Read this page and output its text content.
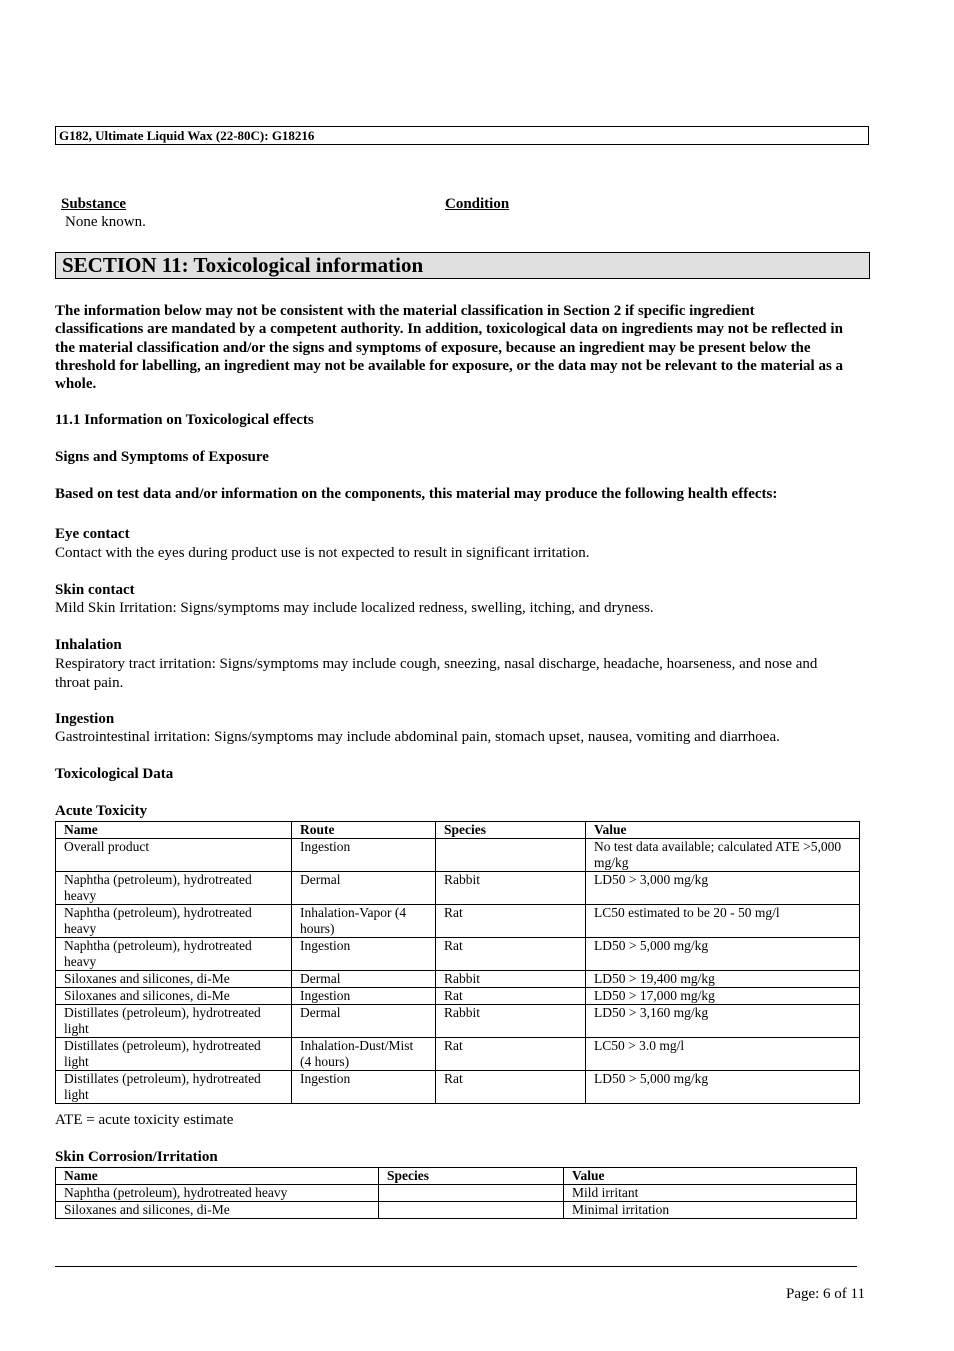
G182, Ultimate Liquid Wax (22-80C): G18216
Substance	Condition
None known.
SECTION 11: Toxicological information
The information below may not be consistent with the material classification in Section 2 if specific ingredient classifications are mandated by a competent authority. In addition, toxicological data on ingredients may not be reflected in the material classification and/or the signs and symptoms of exposure, because an ingredient may be present below the threshold for labelling, an ingredient may not be available for exposure, or the data may not be relevant to the material as a whole.
11.1 Information on Toxicological effects
Signs and Symptoms of Exposure
Based on test data and/or information on the components, this material may produce the following health effects:
Eye contact
Contact with the eyes during product use is not expected to result in significant irritation.
Skin contact
Mild Skin Irritation: Signs/symptoms may include localized redness, swelling, itching, and dryness.
Inhalation
Respiratory tract irritation: Signs/symptoms may include cough, sneezing, nasal discharge, headache, hoarseness, and nose and throat pain.
Ingestion
Gastrointestinal irritation: Signs/symptoms may include abdominal pain, stomach upset, nausea, vomiting and diarrhoea.
Toxicological Data
Acute Toxicity
Name	Route	Species	Value
Overall product	Ingestion		No test data available; calculated ATE >5,000 mg/kg
Naphtha (petroleum), hydrotreated heavy	Dermal	Rabbit	LD50 > 3,000 mg/kg
Naphtha (petroleum), hydrotreated heavy	Inhalation-Vapor (4 hours)	Rat	LC50 estimated to be 20 - 50 mg/l
Naphtha (petroleum), hydrotreated heavy	Ingestion	Rat	LD50 > 5,000 mg/kg
Siloxanes and silicones, di-Me	Dermal	Rabbit	LD50 > 19,400 mg/kg
Siloxanes and silicones, di-Me	Ingestion	Rat	LD50 > 17,000 mg/kg
Distillates (petroleum), hydrotreated light	Dermal	Rabbit	LD50 > 3,160 mg/kg
Distillates (petroleum), hydrotreated light	Inhalation-Dust/Mist (4 hours)	Rat	LC50 > 3.0 mg/l
Distillates (petroleum), hydrotreated light	Ingestion	Rat	LD50 > 5,000 mg/kg
ATE = acute toxicity estimate
Skin Corrosion/Irritation
Name	Species	Value
Naphtha (petroleum), hydrotreated heavy		Mild irritant
Siloxanes and silicones, di-Me		Minimal irritation
Page: 6 of 11
